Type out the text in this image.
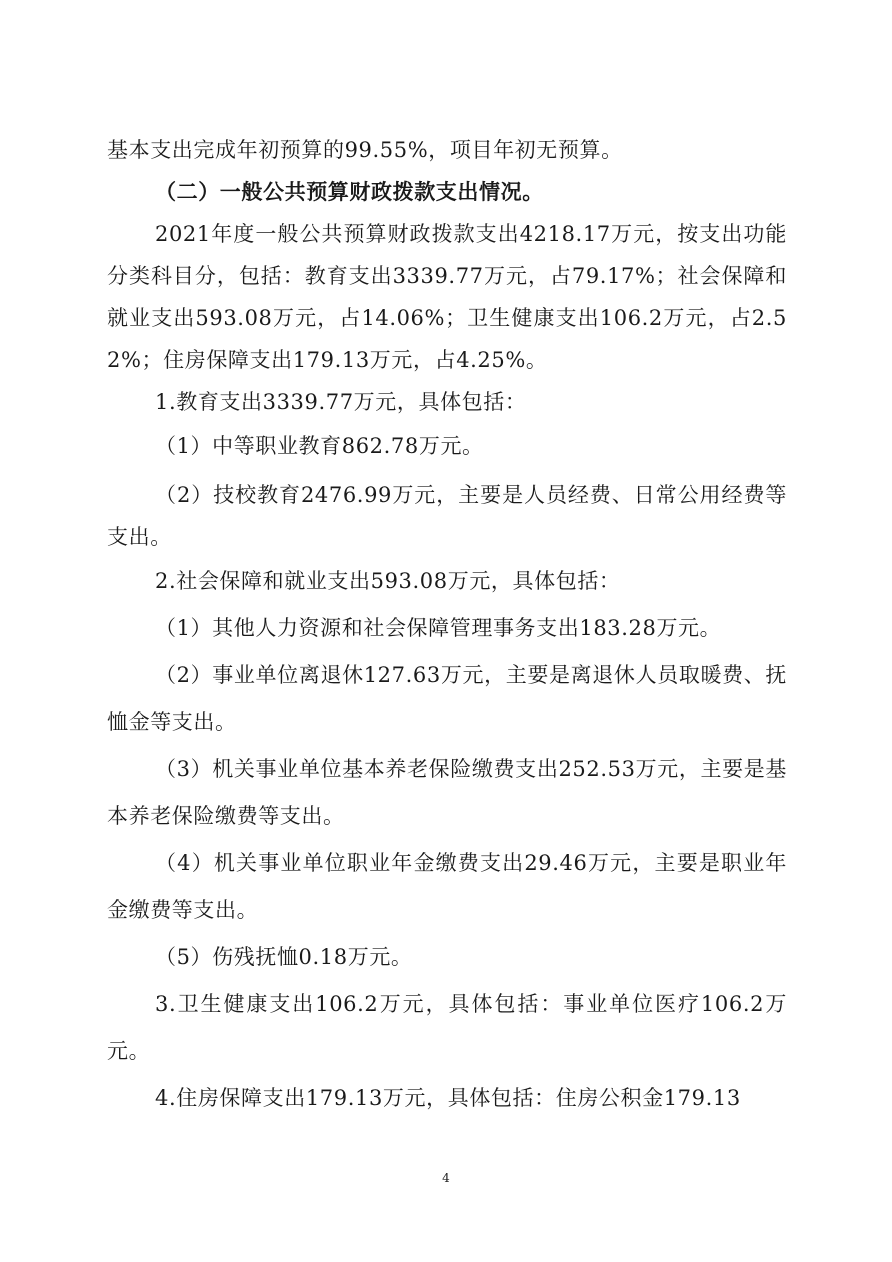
基本支出完成年初预算的99.55%，项目年初无预算。

（二）一般公共预算财政拨款支出情况。

2021年度一般公共预算财政拨款支出4218.17万元，按支出功能分类科目分，包括：教育支出3339.77万元，占79.17%；社会保障和就业支出593.08万元，占14.06%；卫生健康支出106.2万元，占2.52%；住房保障支出179.13万元，占4.25%。

1.教育支出3339.77万元，具体包括：

（1）中等职业教育862.78万元。

（2）技校教育2476.99万元，主要是人员经费、日常公用经费等支出。

2.社会保障和就业支出593.08万元，具体包括：

（1）其他人力资源和社会保障管理事务支出183.28万元。

（2）事业单位离退休127.63万元，主要是离退休人员取暖费、抚恤金等支出。

（3）机关事业单位基本养老保险缴费支出252.53万元，主要是基本养老保险缴费等支出。

（4）机关事业单位职业年金缴费支出29.46万元，主要是职业年金缴费等支出。

（5）伤残抚恤0.18万元。

3.卫生健康支出106.2万元，具体包括：事业单位医疗106.2万元。

4.住房保障支出179.13万元，具体包括：住房公积金179.13

4
